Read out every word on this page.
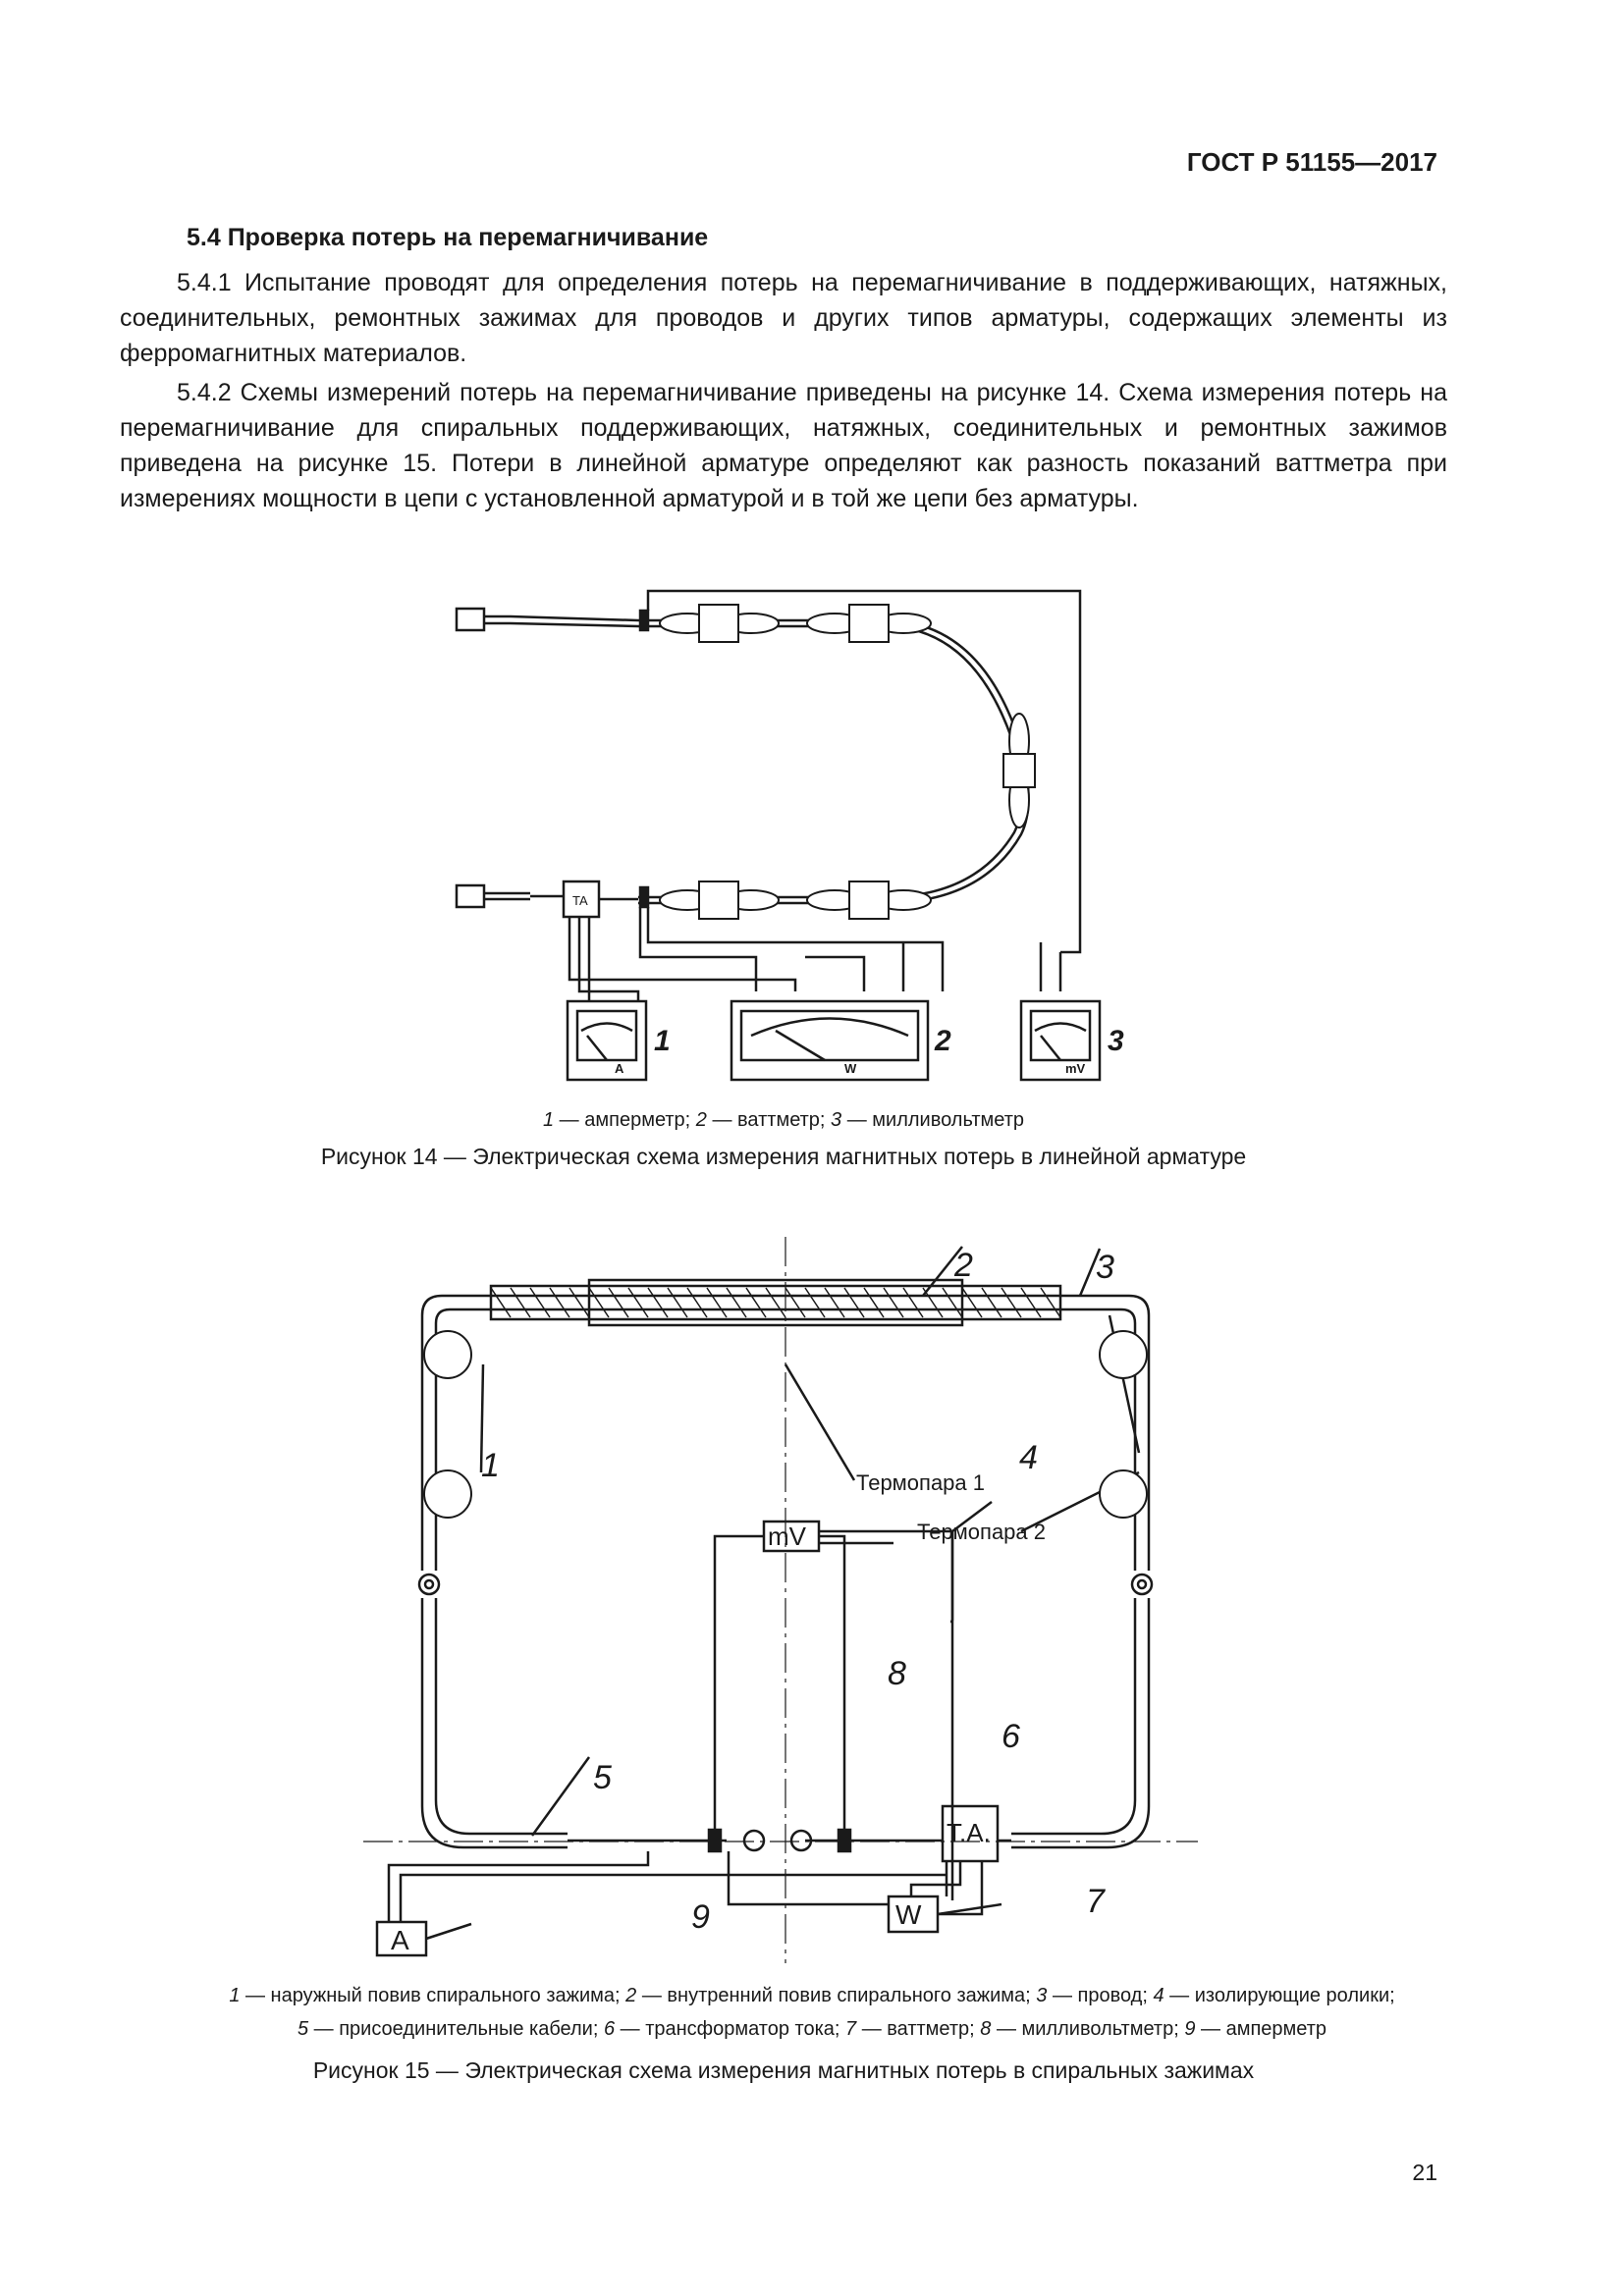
ГОСТ Р 51155—2017
5.4 Проверка потерь на перемагничивание
5.4.1 Испытание проводят для определения потерь на перемагничивание в поддерживающих, натяжных, соединительных, ремонтных зажимах для проводов и других типов арматуры, содержащих элементы из ферромагнитных материалов.
5.4.2 Схемы измерений потерь на перемагничивание приведены на рисунке 14. Схема измерения потерь на перемагничивание для спиральных поддерживающих, натяжных, соединительных и ремонтных зажимов приведена на рисунке 15. Потери в линейной арматуре определяют как разность показаний ваттметра при измерениях мощности в цепи с установленной арматурой и в той же цепи без арматуры.
TA
A	W	mV
1	2	3
1 — амперметр; 2 — ваттметр; 3 — милливольтметр
Рисунок 14 — Электрическая схема измерения магнитных потерь в линейной арматуре
1
2	3
4
5
6
7
8
9
Термопара 1
Термопара 2
mV
T.A.
W
A
1 — наружный повив спирального зажима; 2 — внутренний повив спирального зажима; 3 — провод; 4 — изолирующие ролики;
5 — присоединительные кабели; 6 — трансформатор тока; 7 — ваттметр; 8 — милливольтметр; 9 — амперметр
Рисунок 15 — Электрическая схема измерения магнитных потерь в спиральных зажимах
21
